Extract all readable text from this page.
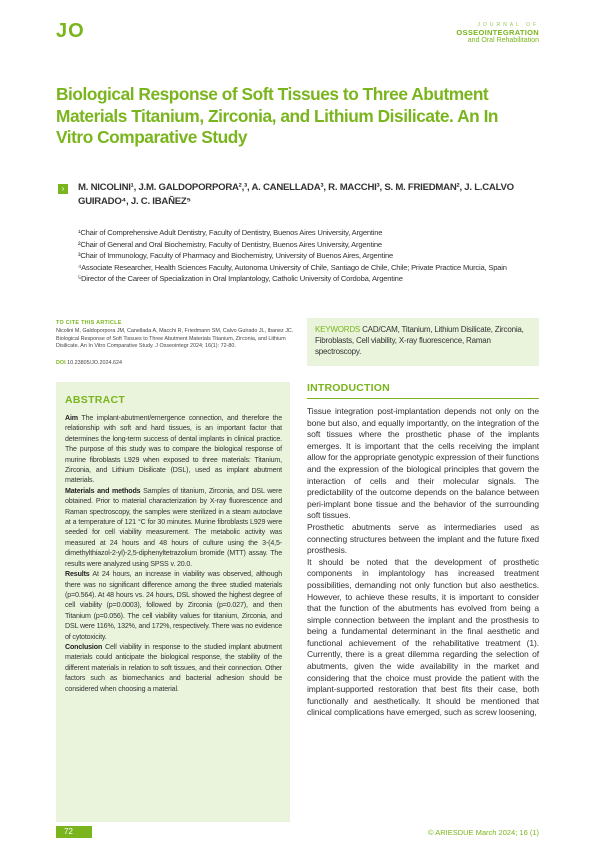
JO	JOURNAL OF
OSSEOINTEGRATION
and Oral Rehabilitation
Biological Response of Soft Tissues to Three Abutment Materials Titanium, Zirconia, and Lithium Disilicate. An In Vitro Comparative Study
›	M. NICOLINI¹, J.M. GALDOPORPORA²,³, A. CANELLADA³, R. MACCHI³, S. M. FRIEDMAN², J. L.CALVO GUIRADO⁴, J. C. IBAÑEZ⁵
¹Chair of Comprehensive Adult Dentistry, Faculty of Dentistry, Buenos Aires University, Argentine
²Chair of General and Oral Biochemistry, Faculty of Dentistry, Buenos Aires University, Argentine
³Chair of Immunology, Faculty of Pharmacy and Biochemistry, University of Buenos Aires, Argentine
⁴Associate Researcher, Health Sciences Faculty, Autonoma University of Chile, Santiago de Chile, Chile; Private Practice Murcia, Spain
⁵Director of the Career of Specialization in Oral Implantology, Catholic University of Cordoba, Argentine
TO CITE THIS ARTICLE
Nicolini M, Galdoporpora JM, Canellada A, Macchi R, Friedmann SM, Calvo Guirado JL, Ibanez JC. Biological Response of Soft Tissues to Three Abutment Materials Titanium, Zirconia, and Lithium Disilicate. An In Vitro Comparative Study. J Osseointegr 2024; 16(1): 72-80.
DOI 10.23805/JO.2024.624
KEYWORDS CAD/CAM, Titanium, Lithium Disilicate, Zirconia, Fibroblasts, Cell viability, X-ray fluorescence, Raman spectroscopy.
ABSTRACT

Aim The implant-abutment/emergence connection, and therefore the relationship with soft and hard tissues, is an important factor that determines the long-term success of dental implants in clinical practice. The purpose of this study was to compare the biological response of murine fibroblasts L929 when exposed to three materials: Titanium, Zirconia, and Lithium Disilicate (DSL), used as implant abutment materials.

Materials and methods Samples of titanium, Zirconia, and DSL were obtained. Prior to material characterization by X-ray fluorescence and Raman spectroscopy, the samples were sterilized in a steam autoclave at a temperature of 121 °C for 30 minutes. Murine fibroblasts L929 were seeded for cell viability measurement. The metabolic activity was measured at 24 hours and 48 hours of culture using the 3-(4,5-dimethylthiazol-2-yl)-2,5-diphenyltetrazolium bromide (MTT) assay. The results were analyzed using SPSS v. 20.0.

Results At 24 hours, an increase in viability was observed, although there was no significant difference among the three studied materials (p=0.564). At 48 hours vs. 24 hours, DSL showed the highest degree of cell viability (p=0.0003), followed by Zirconia (p=0.027), and then Titanium (p=0.056). The cell viability values for titanium, Zirconia, and DSL were 116%, 132%, and 172%, respectively. There was no evidence of cytotoxicity.

Conclusion Cell viability in response to the studied implant abutment materials could anticipate the biological response, the stability of the different materials in relation to soft tissues, and their connection. Other factors such as biomechanics and bacterial adhesion should be considered when choosing a material.

INTRODUCTION

Tissue integration post-implantation depends not only on the bone but also, and equally importantly, on the integration of the soft tissues where the prosthetic phase of the implants emerges. It is important that the cells receiving the implant allow for the appropriate genotypic expression of their functions and the expression of the biological principles that govern the interaction of cells and their molecular signals. The predictability of the outcome depends on the balance between peri-implant bone tissue and the behavior of the surrounding soft tissues.

Prosthetic abutments serve as intermediaries used as connecting structures between the implant and the future fixed prosthesis.

It should be noted that the development of prosthetic components in implantology has increased treatment possibilities, demanding not only function but also aesthetics. However, to achieve these results, it is important to consider that the function of the abutments has evolved from being a simple connection between the implant and the prosthesis to being a fundamental determinant in the final aesthetic and functional achievement of the rehabilitative treatment (1). Currently, there is a great dilemma regarding the selection of abutments, given the wide availability in the market and considering that the choice must provide the patient with the implant-supported restoration that best fits their case, both functionally and aesthetically. It should be mentioned that clinical complications have emerged, such as screw loosening,

72	© ARIESDUE March 2024; 16 (1)
